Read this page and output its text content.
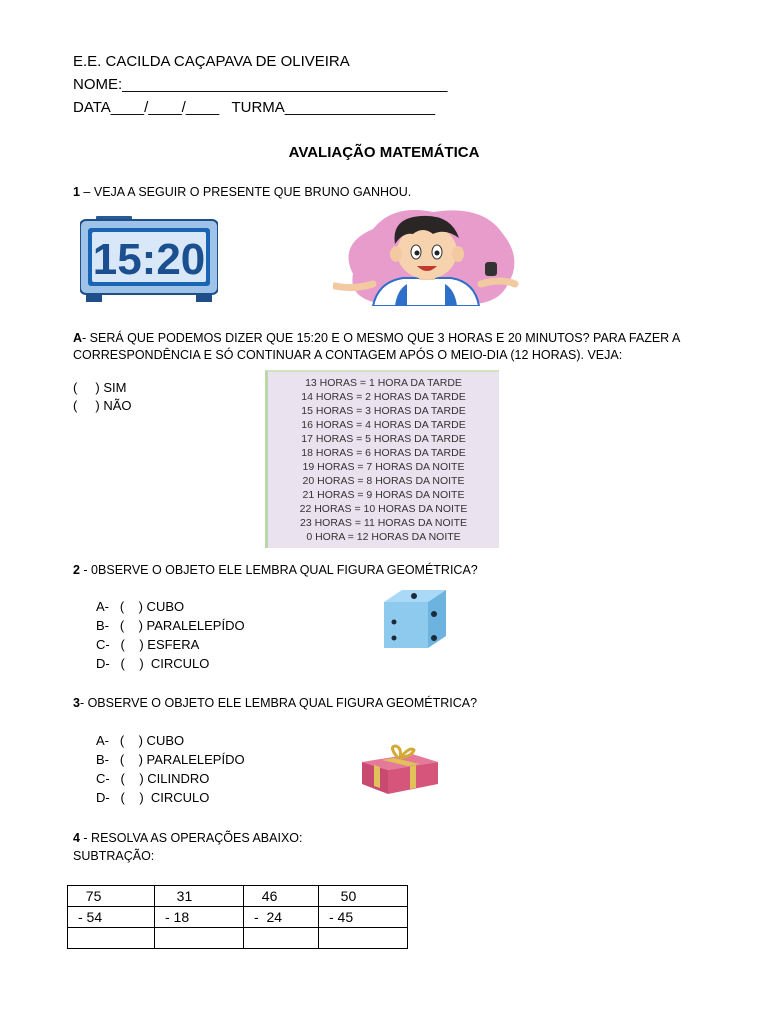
E.E. CACILDA CAÇAPAVA DE OLIVEIRA
NOME:_______________________________________
DATA____/____/____   TURMA__________________
AVALIAÇÃO MATEMÁTICA
1 – VEJA A SEGUIR O PRESENTE QUE BRUNO GANHOU.
15:20
A- SERÁ QUE PODEMOS DIZER QUE 15:20 E O MESMO QUE 3 HORAS E 20 MINUTOS? PARA FAZER A
CORRESPONDÊNCIA E SÓ CONTINUAR A CONTAGEM APÓS O MEIO-DIA (12 HORAS). VEJA:
(     ) SIM
(     ) NÃO
13 HORAS = 1 HORA DA TARDE
14 HORAS = 2 HORAS DA TARDE
15 HORAS = 3 HORAS DA TARDE
16 HORAS = 4 HORAS DA TARDE
17 HORAS = 5 HORAS DA TARDE
18 HORAS = 6 HORAS DA TARDE
19 HORAS = 7 HORAS DA NOITE
20 HORAS = 8 HORAS DA NOITE
21 HORAS = 9 HORAS DA NOITE
22 HORAS = 10 HORAS DA NOITE
23 HORAS = 11 HORAS DA NOITE
0 HORA = 12 HORAS DA NOITE
2 - 0BSERVE O OBJETO ELE LEMBRA QUAL FIGURA GEOMÉTRICA?
A-   (    ) CUBO
B-   (    ) PARALELEPÍDO
C-   (    ) ESFERA
D-   (    )  CIRCULO
3- OBSERVE O OBJETO ELE LEMBRA QUAL FIGURA GEOMÉTRICA?
A-   (    ) CUBO
B-   (    ) PARALELEPÍDO
C-   (    ) CILINDRO
D-   (    )  CIRCULO
4 - RESOLVA AS OPERAÇÕES ABAIXO:
SUBTRAÇÃO:
75	31	46	50
- 54	- 18	-  24	- 45
